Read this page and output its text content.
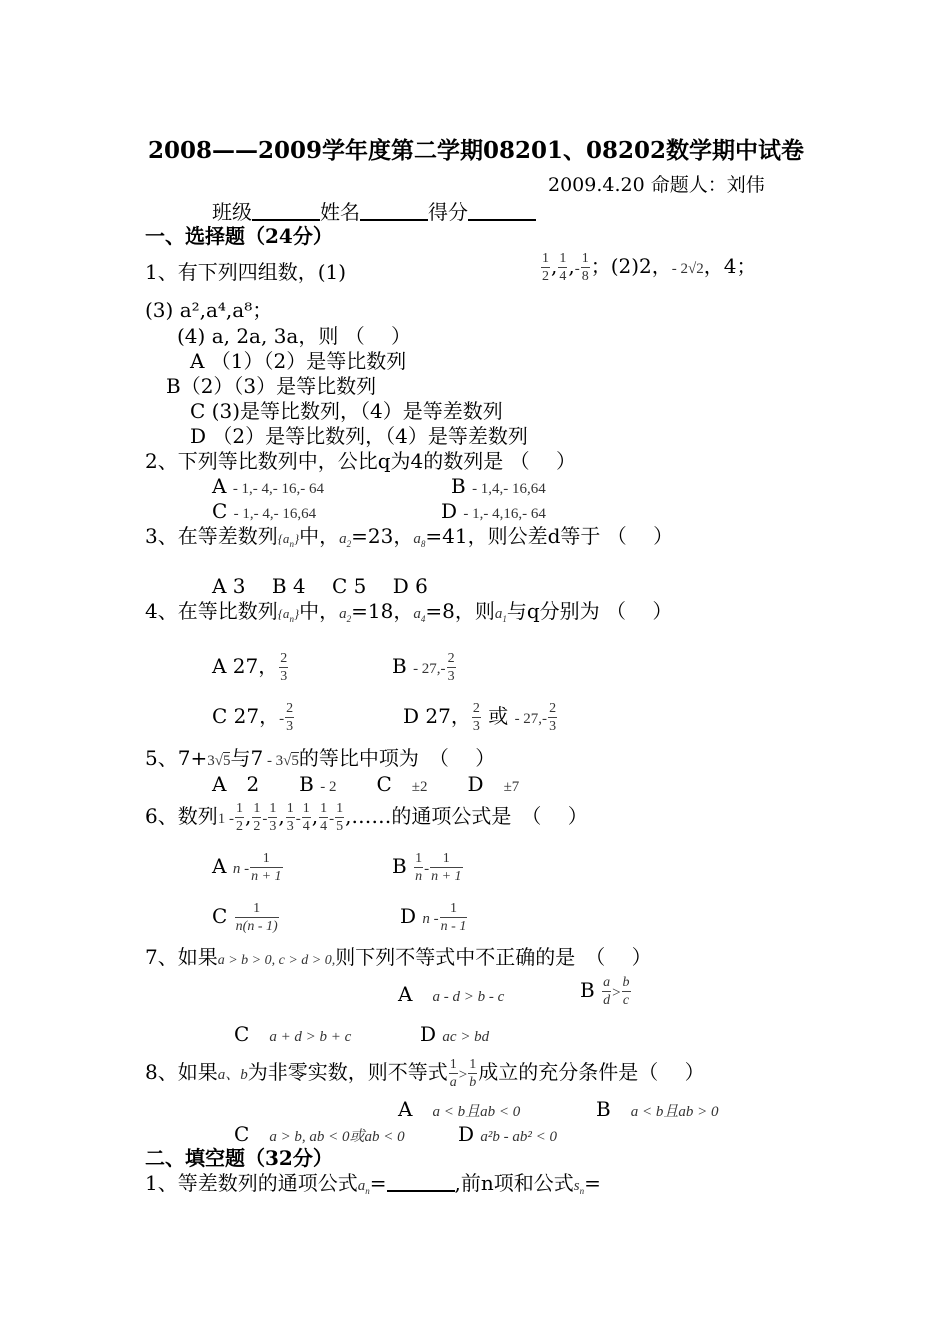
2008——2009学年度第二学期08201、08202数学期中试卷
2009.4.20 命题人：刘伟
班级	姓名	得分
一、选择题（24分）
1、有下列四组数，(1)	$\frac{1}{2}$ , $\frac{1}{4}$ ,- $\frac{1}{8}$ ；(2)2，- 2√2，4；
(3) a²,a⁴,a⁸；
(4) a, 2a, 3a，则 （　 ）
A （1）（2）是等比数列
B（2）（3）是等比数列
C (3)是等比数列，（4）是等差数列
D （2）是等比数列，（4）是等差数列
2、下列等比数列中，公比q为4的数列是 （　 ）
A - 1,- 4,- 16,- 64	B - 1,4,- 16,64
C - 1,- 4,- 16,64	D - 1,- 4,16,- 64
3、在等差数列$\{a_n\}$中，$a_2=23$，$a_8=41$，则公差d等于 （　 ）
A 3　 B 4　 C 5　 D 6
4、在等比数列$\{a_n\}$中，$a_2=18$，$a_4=8$，则$a_1$与q分别为 （　 ）
A 27， $\frac{2}{3}$	B - $27,- \frac{2}{3}$
C 27，- $\frac{2}{3}$	D 27， $\frac{2}{3}$ 或 - $27,- \frac{2}{3}$
5、7+3√5与7 - 3√5的等比中项为　（　 ）
A　2　　B - 2　　C　±2　　D　±7
6、数列$1 - \frac{1}{2}$ , $\frac{1}{2} - \frac{1}{3}$ , $\frac{1}{3} - \frac{1}{4}$ , $\frac{1}{4} - \frac{1}{5}$ ,……的通项公式是　（　 ）
A n - $\frac{1}{n + 1}$	B $\frac{1}{n} - \frac{1}{n + 1}$
C $\frac{1}{n(n - 1)}$	D n - $\frac{1}{n - 1}$
7、如果a > b > 0, c > d > 0,则下列不等式中不正确的是　（　 ）
A　a - d > b - c	B $\frac{a}{d} > \frac{b}{c}$
C　a + d > b + c	D ac > bd
8、如果a、b为非零实数，则不等式 $\frac{1}{a} > \frac{1}{b}$ 成立的充分条件是（　 ）
A　a < b且ab < 0	B　a < b且ab > 0
C　a > b, ab < 0或ab < 0	D a²b - ab² < 0
二、填空题（32分）
1、等差数列的通项公式$a_n=$	,前n项和公式$s_n=$
